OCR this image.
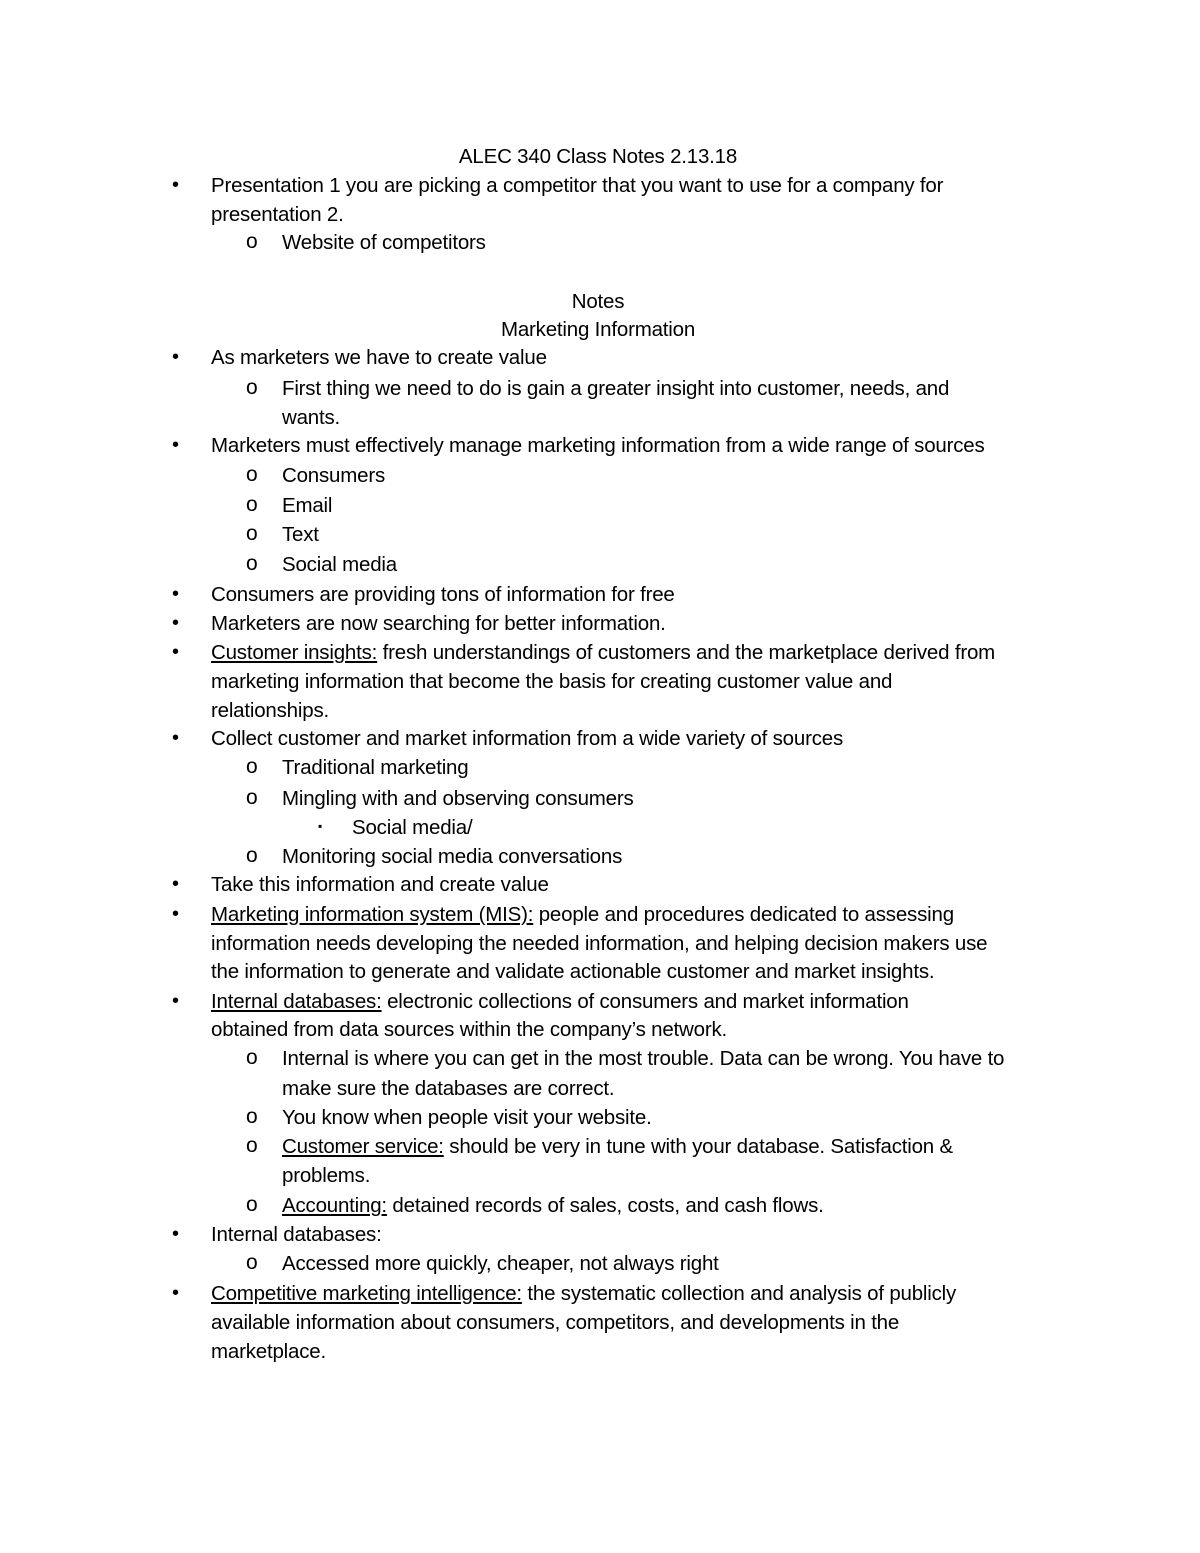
ALEC 340 Class Notes 2.13.18
• Presentation 1 you are picking a competitor that you want to use for a company for
presentation 2.
o Website of competitors
Notes
Marketing Information
• As marketers we have to create value
o First thing we need to do is gain a greater insight into customer, needs, and
wants.
• Marketers must effectively manage marketing information from a wide range of sources
o Consumers
o Email
o Text
o Social media
• Consumers are providing tons of information for free
• Marketers are now searching for better information.
• Customer insights: fresh understandings of customers and the marketplace derived from
marketing information that become the basis for creating customer value and
relationships.
• Collect customer and market information from a wide variety of sources
o Traditional marketing
o Mingling with and observing consumers
▪ Social media/
o Monitoring social media conversations
• Take this information and create value
• Marketing information system (MIS): people and procedures dedicated to assessing
information needs developing the needed information, and helping decision makers use
the information to generate and validate actionable customer and market insights.
• Internal databases: electronic collections of consumers and market information
obtained from data sources within the company’s network.
o Internal is where you can get in the most trouble. Data can be wrong. You have to
make sure the databases are correct.
o You know when people visit your website.
o Customer service: should be very in tune with your database. Satisfaction &
problems.
o Accounting: detained records of sales, costs, and cash flows.
• Internal databases:
o Accessed more quickly, cheaper, not always right
• Competitive marketing intelligence: the systematic collection and analysis of publicly
available information about consumers, competitors, and developments in the
marketplace.
